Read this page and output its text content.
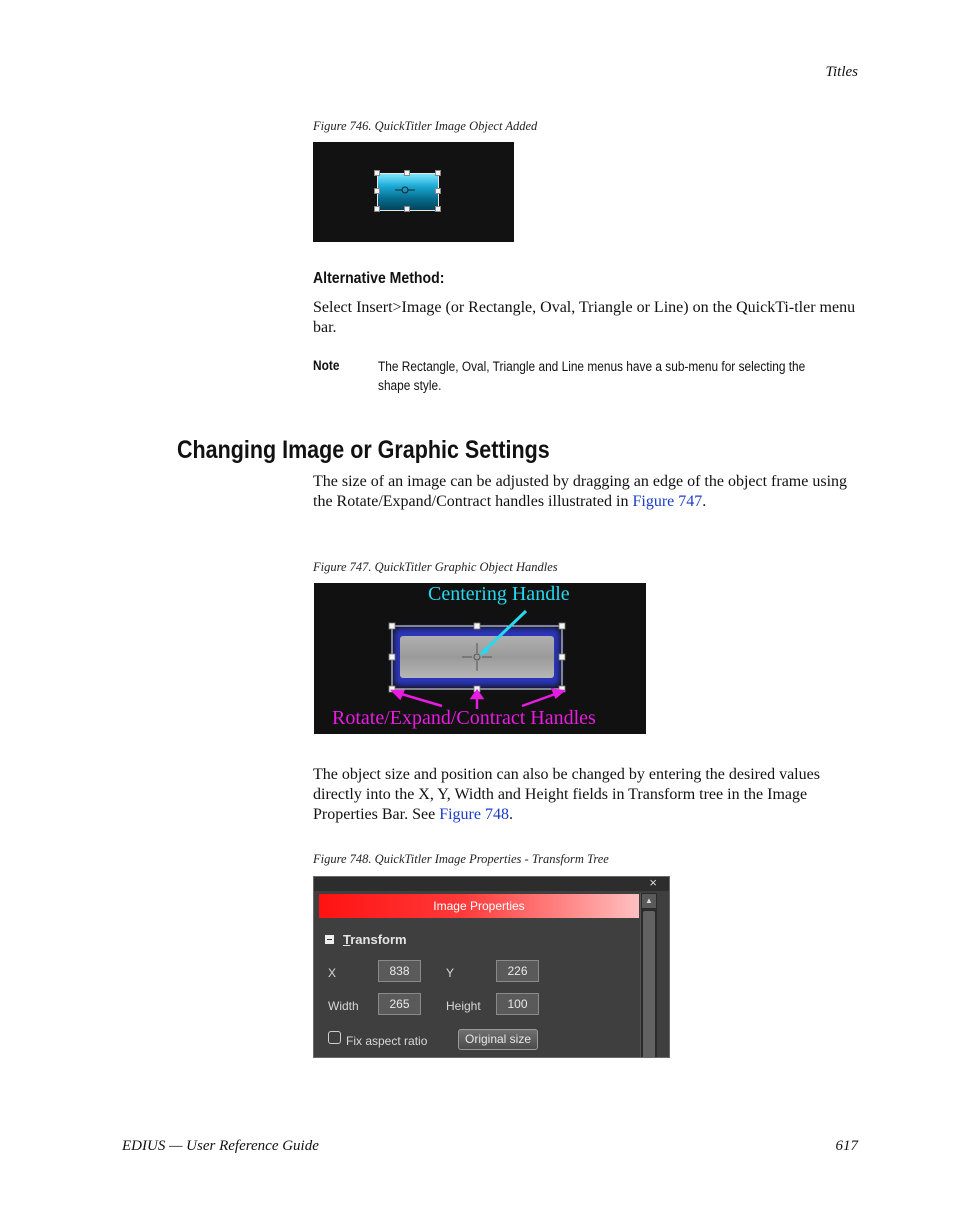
Titles
Figure 746. QuickTitler Image Object Added
Alternative Method:
Select Insert>Image (or Rectangle, Oval, Triangle or Line) on the QuickTi-tler menu bar.
Note	The Rectangle, Oval, Triangle and Line menus have a sub-menu for selecting the shape style.
Changing Image or Graphic Settings
The size of an image can be adjusted by dragging an edge of the object frame using the Rotate/Expand/Contract handles illustrated in Figure 747.
Figure 747. QuickTitler Graphic Object Handles
Centering Handle
Rotate/Expand/Contract Handles
The object size and position can also be changed by entering the desired values directly into the X, Y, Width and Height fields in Transform tree in the Image Properties Bar. See Figure 748.
Figure 748. QuickTitler Image Properties - Transform Tree
×
Image Properties	▲
Transform
X	838	Y	226
Width	265	Height	100
Fix aspect ratio	Original size
EDIUS — User Reference Guide	617
